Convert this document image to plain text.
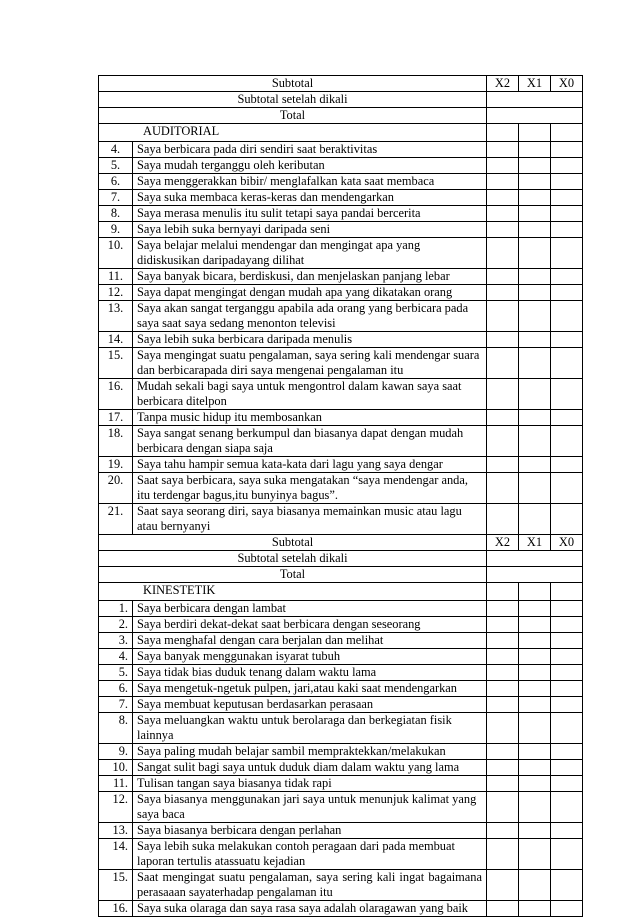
Subtotal		X2	X1	X0
Subtotal setelah dikali				
Total				
AUDITORIAL				
4.	Saya berbicara pada diri sendiri saat beraktivitas			
5.	Saya mudah terganggu oleh keributan			
6.	Saya menggerakkan bibir/ menglafalkan kata saat membaca			
7.	Saya suka membaca keras-keras dan mendengarkan			
8.	Saya merasa menulis itu sulit tetapi saya pandai bercerita			
9.	Saya lebih suka bernyayi daripada seni			
10.	Saya belajar melalui mendengar dan mengingat apa yang didiskusikan daripadayang dilihat			
11.	Saya banyak bicara, berdiskusi, dan menjelaskan panjang lebar			
12.	Saya dapat mengingat dengan mudah apa yang dikatakan orang			
13.	Saya akan sangat terganggu apabila ada orang yang berbicara pada saya saat saya sedang menonton televisi			
14.	Saya lebih suka berbicara daripada menulis			
15.	Saya mengingat suatu pengalaman, saya sering kali mendengar suara dan berbicarapada diri saya mengenai pengalaman itu			
16.	Mudah sekali bagi saya untuk mengontrol dalam kawan saya saat berbicara ditelpon			
17.	Tanpa music hidup itu membosankan			
18.	Saya sangat senang berkumpul dan biasanya dapat dengan mudah berbicara dengan siapa saja			
19.	Saya tahu hampir semua kata-kata dari lagu yang saya dengar			
20.	Saat saya berbicara, saya suka mengatakan “saya mendengar anda, itu terdengar bagus,itu bunyinya bagus”.			
21.	Saat saya seorang diri, saya biasanya memainkan music atau lagu atau bernyanyi			
Subtotal		X2	X1	X0
Subtotal setelah dikali				
Total				
KINESTETIK				
1.	Saya berbicara dengan lambat			
2.	Saya berdiri dekat-dekat saat berbicara dengan seseorang			
3.	Saya menghafal dengan cara berjalan dan melihat			
4.	Saya banyak menggunakan isyarat tubuh			
5.	Saya tidak bias duduk tenang dalam waktu lama			
6.	Saya mengetuk-ngetuk pulpen, jari,atau kaki saat mendengarkan			
7.	Saya membuat keputusan berdasarkan perasaan			
8.	Saya meluangkan waktu untuk berolaraga dan berkegiatan fisik lainnya			
9.	Saya paling mudah belajar sambil mempraktekkan/melakukan			
10.	Sangat sulit bagi saya untuk duduk diam dalam waktu yang lama			
11.	Tulisan tangan saya biasanya tidak rapi			
12.	Saya biasanya menggunakan jari saya untuk menunjuk kalimat yang saya baca			
13.	Saya biasanya berbicara dengan perlahan			
14.	Saya lebih suka melakukan contoh peragaan dari pada membuat laporan tertulis atassuatu kejadian			
15.	Saat mengingat suatu pengalaman, saya sering kali ingat bagaimana perasaaan sayaterhadap pengalaman itu			
16.	Saya suka olaraga dan saya rasa saya adalah olaragawan yang baik			
